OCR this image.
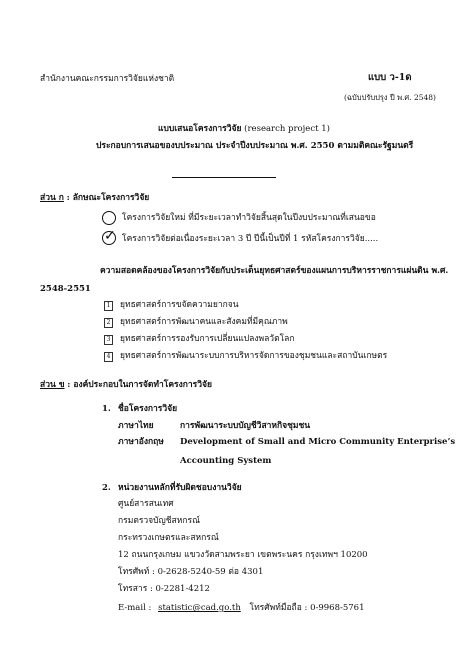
สำนักงานคณะกรรมการวิจัยแห่งชาติ	แบบ ว-1ด
(ฉบับปรับปรุง ปี พ.ศ. 2548)
แบบเสนอโครงการวิจัย (research project 1)
ประกอบการเสนอของบประมาณ ประจำปีงบประมาณ พ.ศ. 2550 ตามมติคณะรัฐมนตรี
ส่วน ก : ลักษณะโครงการวิจัย
โครงการวิจัยใหม่ ที่มีระยะเวลาทำวิจัยสิ้นสุดในปีงบประมาณที่เสนอขอ
✓ โครงการวิจัยต่อเนื่องระยะเวลา 3 ปี ปีนี้เป็นปีที่ 1 รหัสโครงการวิจัย.....
ความสอดคล้องของโครงการวิจัยกับประเด็นยุทธศาสตร์ของแผนการบริหารราชการแผ่นดิน พ.ศ.
2548-2551
1	ยุทธศาสตร์การขจัดความยากจน
2	ยุทธศาสตร์การพัฒนาคนและสังคมที่มีคุณภาพ
3	ยุทธศาสตร์การรองรับการเปลี่ยนแปลงพลวัตโลก
4	ยุทธศาสตร์การพัฒนาระบบการบริหารจัดการของชุมชนและสถาบันเกษตร
ส่วน ข : องค์ประกอบในการจัดทำโครงการวิจัย
1. ชื่อโครงการวิจัย
ภาษาไทย	การพัฒนาระบบบัญชีวิสาหกิจชุมชน
ภาษาอังกฤษ Development of Small and Micro Community Enterprise’s
Accounting System
2. หน่วยงานหลักที่รับผิดชอบงานวิจัย
ศูนย์สารสนเทศ
กรมตรวจบัญชีสหกรณ์
กระทรวงเกษตรและสหกรณ์
12 ถนนกรุงเกษม แขวงวัดสามพระยา เขตพระนคร กรุงเทพฯ 10200
โทรศัพท์ : 0-2628-5240-59 ต่อ 4301
โทรสาร : 0-2281-4212
E-mail : statistic@cad.go.th โทรศัพท์มือถือ : 0-9968-5761
